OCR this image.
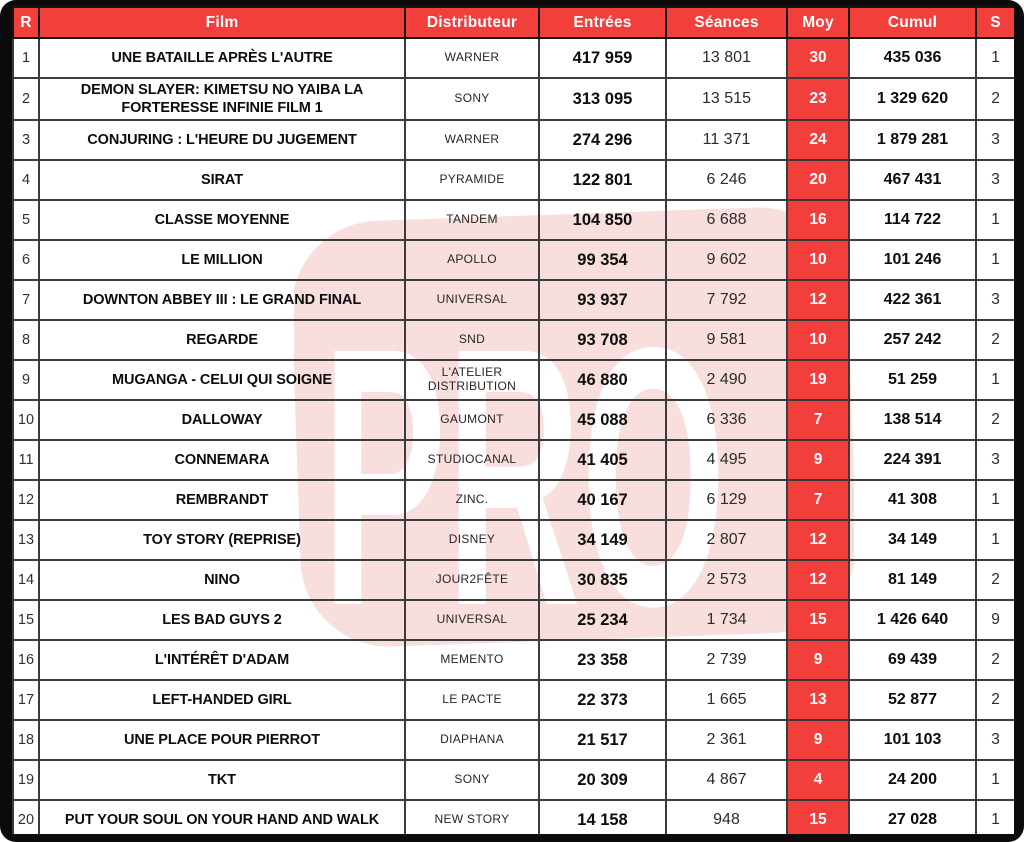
PRO
R	Film	Distributeur	Entrées	Séances	Moy	Cumul	S
1	UNE BATAILLE APRÈS L'AUTRE	WARNER	417 959	13 801	30	435 036	1
2	DEMON SLAYER: KIMETSU NO YAIBA LA FORTERESSE INFINIE FILM 1	SONY	313 095	13 515	23	1 329 620	2
3	CONJURING : L'HEURE DU JUGEMENT	WARNER	274 296	11 371	24	1 879 281	3
4	SIRAT	PYRAMIDE	122 801	6 246	20	467 431	3
5	CLASSE MOYENNE	TANDEM	104 850	6 688	16	114 722	1
6	LE MILLION	APOLLO	99 354	9 602	10	101 246	1
7	DOWNTON ABBEY III : LE GRAND FINAL	UNIVERSAL	93 937	7 792	12	422 361	3
8	REGARDE	SND	93 708	9 581	10	257 242	2
9	MUGANGA - CELUI QUI SOIGNE	L'ATELIER DISTRIBUTION	46 880	2 490	19	51 259	1
10	DALLOWAY	GAUMONT	45 088	6 336	7	138 514	2
11	CONNEMARA	STUDIOCANAL	41 405	4 495	9	224 391	3
12	REMBRANDT	ZINC.	40 167	6 129	7	41 308	1
13	TOY STORY (REPRISE)	DISNEY	34 149	2 807	12	34 149	1
14	NINO	JOUR2FÊTE	30 835	2 573	12	81 149	2
15	LES BAD GUYS 2	UNIVERSAL	25 234	1 734	15	1 426 640	9
16	L'INTÉRÊT D'ADAM	MEMENTO	23 358	2 739	9	69 439	2
17	LEFT-HANDED GIRL	LE PACTE	22 373	1 665	13	52 877	2
18	UNE PLACE POUR PIERROT	DIAPHANA	21 517	2 361	9	101 103	3
19	TKT	SONY	20 309	4 867	4	24 200	1
20	PUT YOUR SOUL ON YOUR HAND AND WALK	NEW STORY	14 158	948	15	27 028	1
